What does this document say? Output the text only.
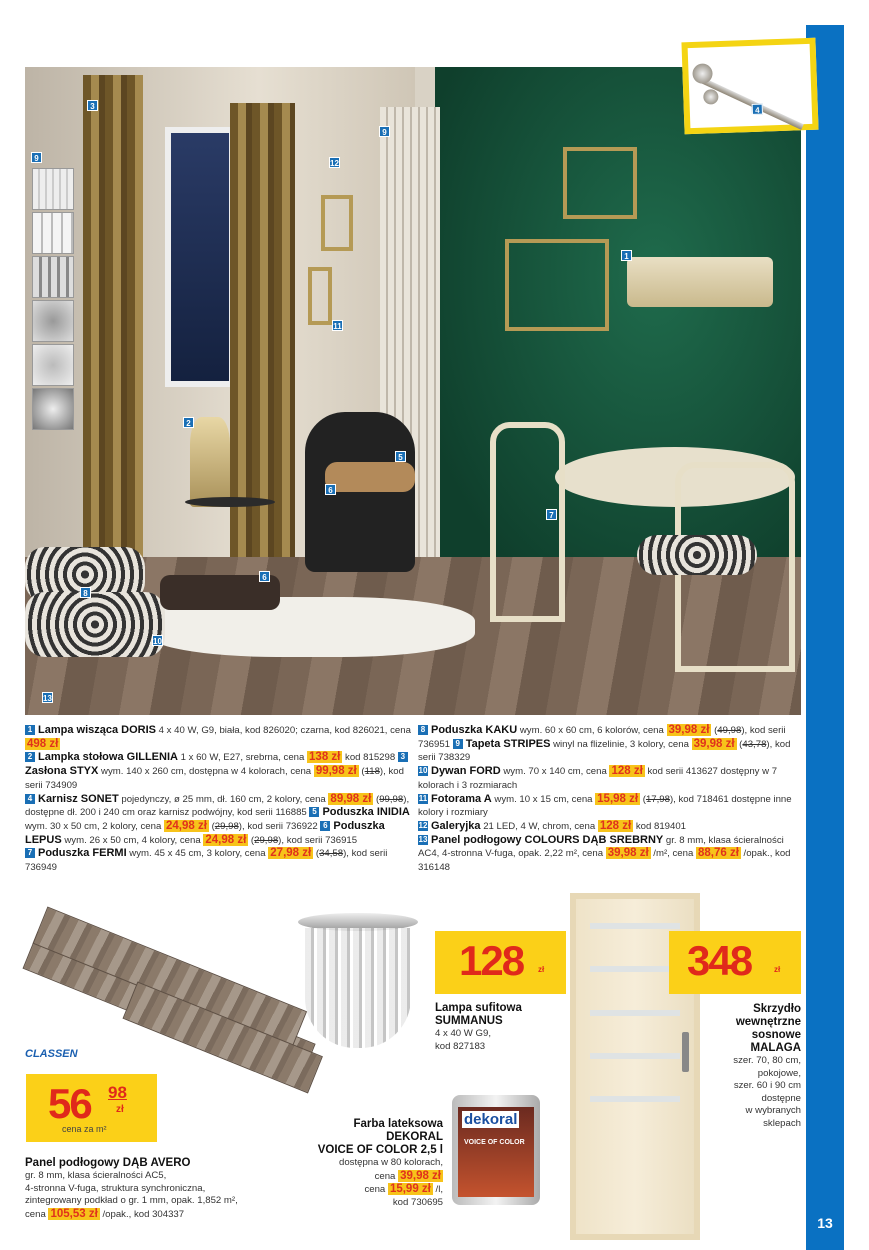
13
1
2
3
5
6
6
7
8
9
9
10
11
12
13
4
1 Lampa wisząca DORIS 4 x 40 W, G9, biała, kod 826020; czarna, kod 826021, cena 498 zł
2 Lampka stołowa GILLENIA 1 x 60 W, E27, srebrna, cena 138 zł kod 815298 3Zasłona STYX wym. 140 x 260 cm, dostępna w 4 kolorach, cena 99,98 zł (118), kod serii 734909
4 Karnisz SONET pojedynczy, ø 25 mm, dł. 160 cm, 2 kolory, cena 89,98 zł (99,98), dostępne dł. 200 i 240 cm oraz karnisz podwójny, kod serii 116885 5 Poduszka INIDIA wym. 30 x 50 cm, 2 kolory, cena 24,98 zł (29,98), kod serii 736922 6 Poduszka LEPUS wym. 26 x 50 cm, 4 kolory, cena 24,98 zł (29,98), kod serii 736915
7 Poduszka FERMI wym. 45 x 45 cm, 3 kolory, cena 27,98 zł (34,58), kod serii 736949
8 Poduszka KAKU wym. 60 x 60 cm, 6 kolorów, cena 39,98 zł (49,98), kod serii 736951 9 Tapeta STRIPES winyl na flizelinie, 3 kolory, cena 39,98 zł (43,78), kod serii 738329
10 Dywan FORD wym. 70 x 140 cm, cena 128 zł kod serii 413627 dostępny w 7 kolorach i 3 rozmiarach
11 Fotorama A wym. 10 x 15 cm, cena 15,98 zł (17,98), kod 718461 dostępne inne kolory i rozmiary
12 Galeryjka 21 LED, 4 W, chrom, cena 128 zł kod 819401
13 Panel podłogowy COLOURS DĄB SREBRNY gr. 8 mm, klasa ścieralności AC4, 4-stronna V-fuga, opak. 2,22 m², cena 39,98 zł /m², cena 88,76 zł /opak., kod 316148
CLASSEN
56 98
zł
cena za m²
Panel podłogowy DĄB AVERO
gr. 8 mm, klasa ścieralności AC5,
4-stronna V-fuga, struktura synchroniczna,
zintegrowany podkład o gr. 1 mm, opak. 1,852 m²,
cena 105,53 zł /opak., kod 304337
128 zł
Lampa sufitowa
SUMMANUS
4 x 40 W G9,
kod 827183
dekoral
VOICE OF COLOR
Farba lateksowa
DEKORAL
VOICE OF COLOR 2,5 l
dostępna w 80 kolorach,
cena 39,98 zł
cena 15,99 zł /l,
kod 730695
348	zł
Skrzydło
wewnętrzne
sosnowe
MALAGA
szer. 70, 80 cm,
pokojowe,
szer. 60 i 90 cm
dostępne
w wybranych
sklepach
